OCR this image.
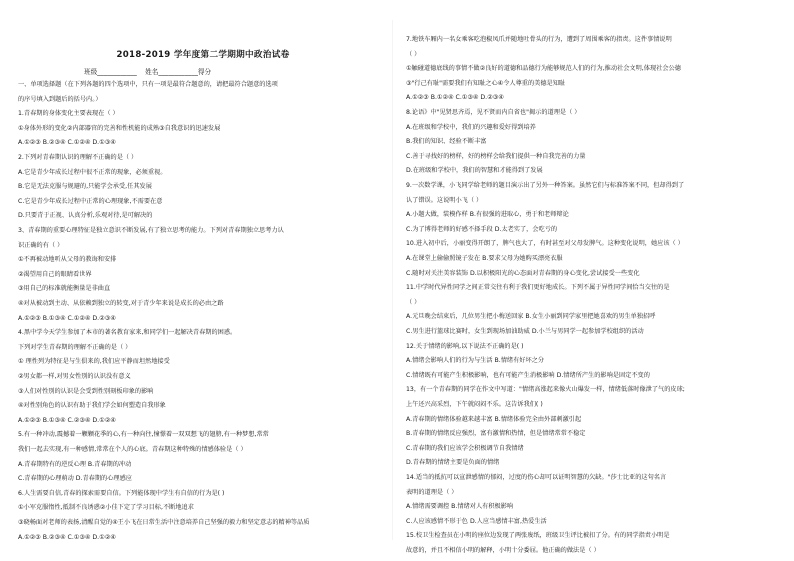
2018-2019 学年度第二学期期中政治试卷
班级____________    姓名____________得分
一、单项选择题（在下列各题的四个选项中，只有一项是最符合题意的，请把最符合题意的选项
的序号填入到题后的括号内。）
1.青春期的身体变化主要表现在（ ）
①身体外形的变化②内部器官的完善和性机能的成熟③自我意识的迅速发展
A.①②③ B.②③④ C.①②④ D.①③④
2.下列对青春期认识的理解不正确的是（ ）
A.它是青少年成长过程中很不正常的现象，必须重视。
B.它是无法克服与规避的,只能学会承受,任其发展
C.它是青少年成长过程中正常的心理现象,不需要在意
D.只要青于正视、认真分析,乐观对待,是可解决的
3、青春期的重要心理特征是独立意识不断发展,有了独立思考的能力。下列对青春期独立思考力认
识正确的有（ ）
①不再被动地听从父母的教诲和安排
②渴望用自己的眼睛看世界
③用自己的标准就能衡量是非曲直
④对从被动到主动、从依赖到独立的转变,对于青少年来说是成长的必由之路
A.①②③ B.①③④ C.①②④ D.②③④
4.黑中学今天学生参加了本市的著名教育家来,和同学们一起解决青春期的困惑。
下列对学生青春期的理解不正确的是（ ）
① 理性列为特征是与生俱来的,我们应平静而坦然地接受
②男女都一样,对男女性别的认识没有意义
③人们对性别的认识是会受到性别刻板印象的影响
④对性别角色的认识有助于我们学会如何塑造自我形象
A.①②③ B.①③④ C.②③④ D.①②④
5.有一种冲动,震撼着一颗颗花季的心,有一种向往,憧憬着一双双想飞的翅膀,有一种梦想,常常
我们一起去实现,有一种感情,常常在个人的心底。青春期这种特殊的情感体验是（ ）
A.青春期特有的逆反心理 B.青春期的冲动
C.青春期的心理萌动 D.青春期的心理感应
6.人生需要自信,青春的探索需要自信。下列能体现中学生有自信的行为是( )
①小军克服惰性,抵制不良诱惑②小佳下定了学习目标,不断地追求
③晓畅面对老师的表扬,清醒自觉的④王小飞在日常生活中注意培养自己坚强的毅力和坚定意志的精神等品质
A.①②③ B.②③④ C.①③④ D.①②④
7.地铁车厢内一名女乘客吃泡椒凤爪并随地吐骨头的行为，遭到了周围乘客的指责。这件事情说明
（ ）
①触碰道德底线的事情不做②良好的道德和品德行为能够规范人们的行为,推动社会文明,体现社会公德
③"行己有耻"需要我们有知耻之心④令人尊重的美德是知耻
A.①②③ B.①②④ C.①③④ D.②③④
8.论语》中"见贤思齐焉，见不贤而内自省也"揭示的道理是（ ）
A.在班级和学校中，我们的兴趣和爱好得到培养
B.我们的知识、经验不断丰富
C.善于寻找好的榜样，好的榜样会给我们提供一种自我完善的力量
D.在班级和学校中，我们的智慧和才能得到了发展
9.一次数学课，小飞同学给老师的题目演示出了另外一种答案。虽然它们与标准答案不同，但却得到了
认了错误。这说明小飞（ ）
A.小题大做，装模作样 B.有很强的进取心，勇于和老师辩论
C.为了博得老师的好感不择手段 D.太老实了，会吃亏的
10.进入初中后，小丽变得开朗了，脾气也大了，有时甚至对父母发脾气。这种变化说明，她应该（ ）
A.在课堂上偷偷照镜子发在 B.要求父母为她购买漂亮衣服
C.随时对关注美容装饰 D.以积极阳光的心态面对青春期的身心变化,尝试接受一些变化
11.中学时代异性同学之间正常交往有利于我们更好地成长。下列不属于异性同学间恰当交往的是
（ ）
A.元旦晚会结束后，几位男生把小梅送回家 B.女生小丽到同学家里把她喜欢的男生单独招呼
C.男生进行篮球比赛时，女生到现场加油助威 D.小兰与男同学一起参加学校组织的活动
12.关于情绪的影响,以下说法不正确的是( )
A.情绪会影响人们的行为与生活 B.情绪有好坏之分
C.情绪既有可能产生积极影响，也有可能产生消极影响 D.情绪所产生的影响是固定不变的
13，有一个青春期的同学在作文中写道："情绪高涨起来像火山爆发一样，情绪低落时像泄了气的皮球;
上午还兴高采烈，下午就闷闷不乐。这告诉我们( )
A.青春期的情绪体验越来越丰富 B.情绪体验完全由外部刺激引起
B.青春期的情绪反应强烈，富有激情和热情，但是情绪常常不稳定
C.青春期的我们应该学会积极调节自我情绪
D.青春期的情绪主要是负面的情绪
14.适当的抵抗可以宣泄感情的郁闷，过度的伤心却可以证明智慧的欠缺。"莎士比亚的这句名言
表明的道理是（ ）
A.情绪需要调控 B.情绪对人有积极影响
C.人应该感情不形于色 D.人应当感情丰富,热爱生活
15.校卫生检查员在小明的座位边发现了两张废纸，班级卫生评比被扣了分。有的同学指责小明是
故意的，并且不相信小明的解释，小明十分委屈。他正确的做法是（ ）
